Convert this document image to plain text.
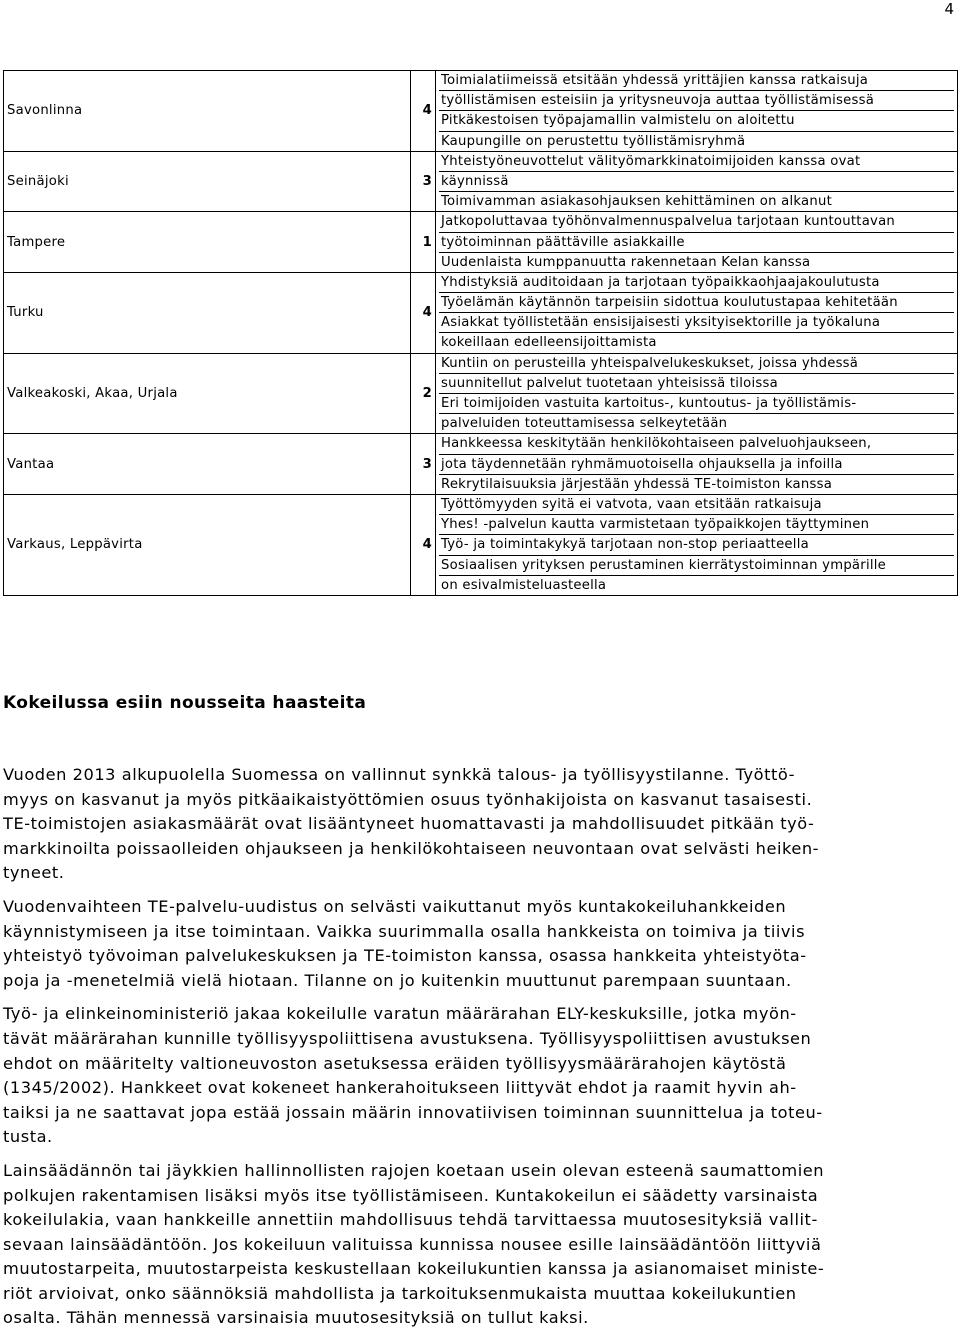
4
Savonlinna	4	Toimialatiimeissä etsitään yhdessä yrittäjien kanssa ratkaisuja
työllistämisen esteisiin ja yritysneuvoja auttaa työllistämisessä
Pitkäkestoisen työpajamallin valmistelu on aloitettu
Kaupungille on perustettu työllistämisryhmä

Seinäjoki	3	Yhteistyöneuvottelut välityömarkkinatoimijoiden kanssa ovat
käynnissä
Toimivamman asiakasohjauksen kehittäminen on alkanut

Tampere	1	Jatkopoluttavaa työhönvalmennuspalvelua tarjotaan kuntouttavan
työtoiminnan päättäville asiakkaille
Uudenlaista kumppanuutta rakennetaan Kelan kanssa

Turku	4	Yhdistyksiä auditoidaan ja tarjotaan työpaikkaohjaajakoulutusta
Työelämän käytännön tarpeisiin sidottua koulutustapaa kehitetään
Asiakkat työllistetään ensisijaisesti yksityisektorille ja työkaluna
kokeillaan edelleensijoittamista

Valkeakoski, Akaa, Urjala	2	Kuntiin on perusteilla yhteispalvelukeskukset, joissa yhdessä
suunnitellut palvelut tuotetaan yhteisissä tiloissa
Eri toimijoiden vastuita kartoitus-, kuntoutus- ja työllistämis-
palveluiden toteuttamisessa selkeytetään

Vantaa	3	Hankkeessa keskitytään henkilökohtaiseen palveluohjaukseen,
jota täydennetään ryhmämuotoisella ohjauksella ja infoilla
Rekrytilaisuuksia järjestään yhdessä TE-toimiston kanssa

Varkaus, Leppävirta	4	Työttömyyden syitä ei vatvota, vaan etsitään ratkaisuja
Yhes! -palvelun kautta varmistetaan työpaikkojen täyttyminen
Työ- ja toimintakykyä tarjotaan non-stop periaatteella
Sosiaalisen yrityksen perustaminen kierrätystoiminnan ympärille
on esivalmisteluasteella
Kokeilussa esiin nousseita haasteita

Vuoden 2013 alkupuolella Suomessa on vallinnut synkkä talous- ja työllisyystilanne. Työttö-
myys on kasvanut ja myös pitkäaikaistyöttömien osuus työnhakijoista on kasvanut tasaisesti.
TE-toimistojen asiakasmäärät ovat lisääntyneet huomattavasti ja mahdollisuudet pitkään työ-
markkinoilta poissaolleiden ohjaukseen ja henkilökohtaiseen neuvontaan ovat selvästi heiken-
tyneet.

Vuodenvaihteen TE-palvelu-uudistus on selvästi vaikuttanut myös kuntakokeiluhankkeiden
käynnistymiseen ja itse toimintaan. Vaikka suurimmalla osalla hankkeista on toimiva ja tiivis
yhteistyö työvoiman palvelukeskuksen ja TE-toimiston kanssa, osassa hankkeita yhteistyöta-
poja ja -menetelmiä vielä hiotaan. Tilanne on jo kuitenkin muuttunut parempaan suuntaan.

Työ- ja elinkeinoministeriö jakaa kokeilulle varatun määrärahan ELY-keskuksille, jotka myön-
tävät määrärahan kunnille työllisyyspoliittisena avustuksena. Työllisyyspoliittisen avustuksen
ehdot on määritelty valtioneuvoston asetuksessa eräiden työllisyysmäärärahojen käytöstä
(1345/2002). Hankkeet ovat kokeneet hankerahoitukseen liittyvät ehdot ja raamit hyvin ah-
taiksi ja ne saattavat jopa estää jossain määrin innovatiivisen toiminnan suunnittelua ja toteu-
tusta.

Lainsäädännön tai jäykkien hallinnollisten rajojen koetaan usein olevan esteenä saumattomien
polkujen rakentamisen lisäksi myös itse työllistämiseen. Kuntakokeilun ei säädetty varsinaista
kokeilulakia, vaan hankkeille annettiin mahdollisuus tehdä tarvittaessa muutosesityksiä vallit-
sevaan lainsäädäntöön. Jos kokeiluun valituissa kunnissa nousee esille lainsäädäntöön liittyviä
muutostarpeita, muutostarpeista keskustellaan kokeilukuntien kanssa ja asianomaiset ministe-
riöt arvioivat, onko säännöksiä mahdollista ja tarkoituksenmukaista muuttaa kokeilukuntien
osalta. Tähän mennessä varsinaisia muutosesityksiä on tullut kaksi.
